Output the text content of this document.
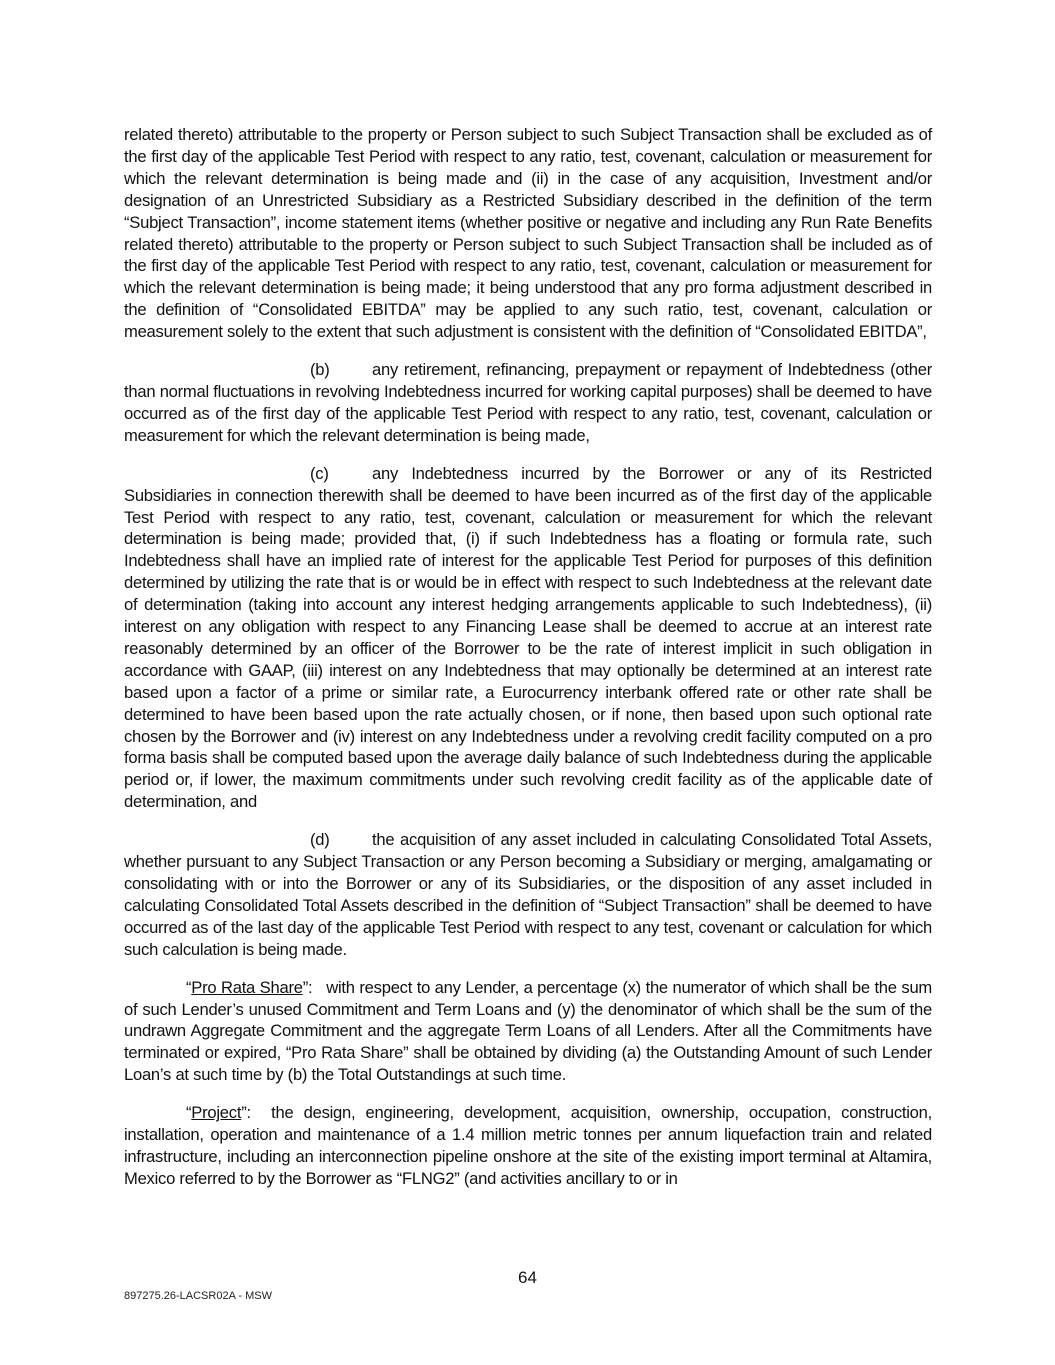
related thereto) attributable to the property or Person subject to such Subject Transaction shall be excluded as of the first day of the applicable Test Period with respect to any ratio, test, covenant, calculation or measurement for which the relevant determination is being made and (ii) in the case of any acquisition, Investment and/or designation of an Unrestricted Subsidiary as a Restricted Subsidiary described in the definition of the term “Subject Transaction”, income statement items (whether positive or negative and including any Run Rate Benefits related thereto) attributable to the property or Person subject to such Subject Transaction shall be included as of the first day of the applicable Test Period with respect to any ratio, test, covenant, calculation or measurement for which the relevant determination is being made; it being understood that any pro forma adjustment described in the definition of “Consolidated EBITDA” may be applied to any such ratio, test, covenant, calculation or measurement solely to the extent that such adjustment is consistent with the definition of “Consolidated EBITDA”,

(b)	any retirement, refinancing, prepayment or repayment of Indebtedness (other than normal fluctuations in revolving Indebtedness incurred for working capital purposes) shall be deemed to have occurred as of the first day of the applicable Test Period with respect to any ratio, test, covenant, calculation or measurement for which the relevant determination is being made,

(c)	any Indebtedness incurred by the Borrower or any of its Restricted Subsidiaries in connection therewith shall be deemed to have been incurred as of the first day of the applicable Test Period with respect to any ratio, test, covenant, calculation or measurement for which the relevant determination is being made; provided that, (i) if such Indebtedness has a floating or formula rate, such Indebtedness shall have an implied rate of interest for the applicable Test Period for purposes of this definition determined by utilizing the rate that is or would be in effect with respect to such Indebtedness at the relevant date of determination (taking into account any interest hedging arrangements applicable to such Indebtedness), (ii) interest on any obligation with respect to any Financing Lease shall be deemed to accrue at an interest rate reasonably determined by an officer of the Borrower to be the rate of interest implicit in such obligation in accordance with GAAP, (iii) interest on any Indebtedness that may optionally be determined at an interest rate based upon a factor of a prime or similar rate, a Eurocurrency interbank offered rate or other rate shall be determined to have been based upon the rate actually chosen, or if none, then based upon such optional rate chosen by the Borrower and (iv) interest on any Indebtedness under a revolving credit facility computed on a pro forma basis shall be computed based upon the average daily balance of such Indebtedness during the applicable period or, if lower, the maximum commitments under such revolving credit facility as of the applicable date of determination, and

(d)	the acquisition of any asset included in calculating Consolidated Total Assets, whether pursuant to any Subject Transaction or any Person becoming a Subsidiary or merging, amalgamating or consolidating with or into the Borrower or any of its Subsidiaries, or the disposition of any asset included in calculating Consolidated Total Assets described in the definition of “Subject Transaction” shall be deemed to have occurred as of the last day of the applicable Test Period with respect to any test, covenant or calculation for which such calculation is being made.

“Pro Rata Share”: with respect to any Lender, a percentage (x) the numerator of which shall be the sum of such Lender’s unused Commitment and Term Loans and (y) the denominator of which shall be the sum of the undrawn Aggregate Commitment and the aggregate Term Loans of all Lenders. After all the Commitments have terminated or expired, “Pro Rata Share” shall be obtained by dividing (a) the Outstanding Amount of such Lender Loan’s at such time by (b) the Total Outstandings at such time.

“Project”: the design, engineering, development, acquisition, ownership, occupation, construction, installation, operation and maintenance of a 1.4 million metric tonnes per annum liquefaction train and related infrastructure, including an interconnection pipeline onshore at the site of the existing import terminal at Altamira, Mexico referred to by the Borrower as “FLNG2” (and activities ancillary to or in

64
897275.26-LACSR02A - MSW
